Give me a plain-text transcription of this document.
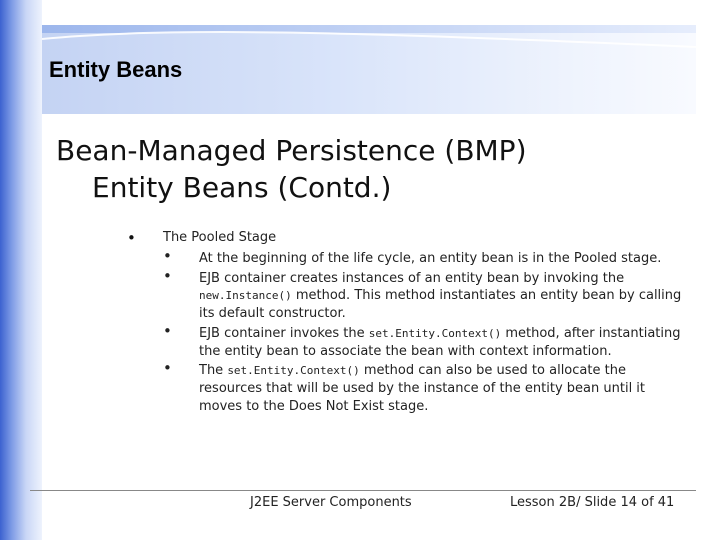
Entity Beans
Bean-Managed Persistence (BMP)
Entity Beans (Contd.)
• The Pooled Stage
• At the beginning of the life cycle, an entity bean is in the Pooled stage.
• EJB container creates instances of an entity bean by invoking the new.Instance() method. This method instantiates an entity bean by calling its default constructor.
• EJB container invokes the set.Entity.Context() method, after instantiating the entity bean to associate the bean with context information.
• The set.Entity.Context() method can also be used to allocate the resources that will be used by the instance of the entity bean until it moves to the Does Not Exist stage.
J2EE Server Components	Lesson 2B/ Slide 14 of 41
